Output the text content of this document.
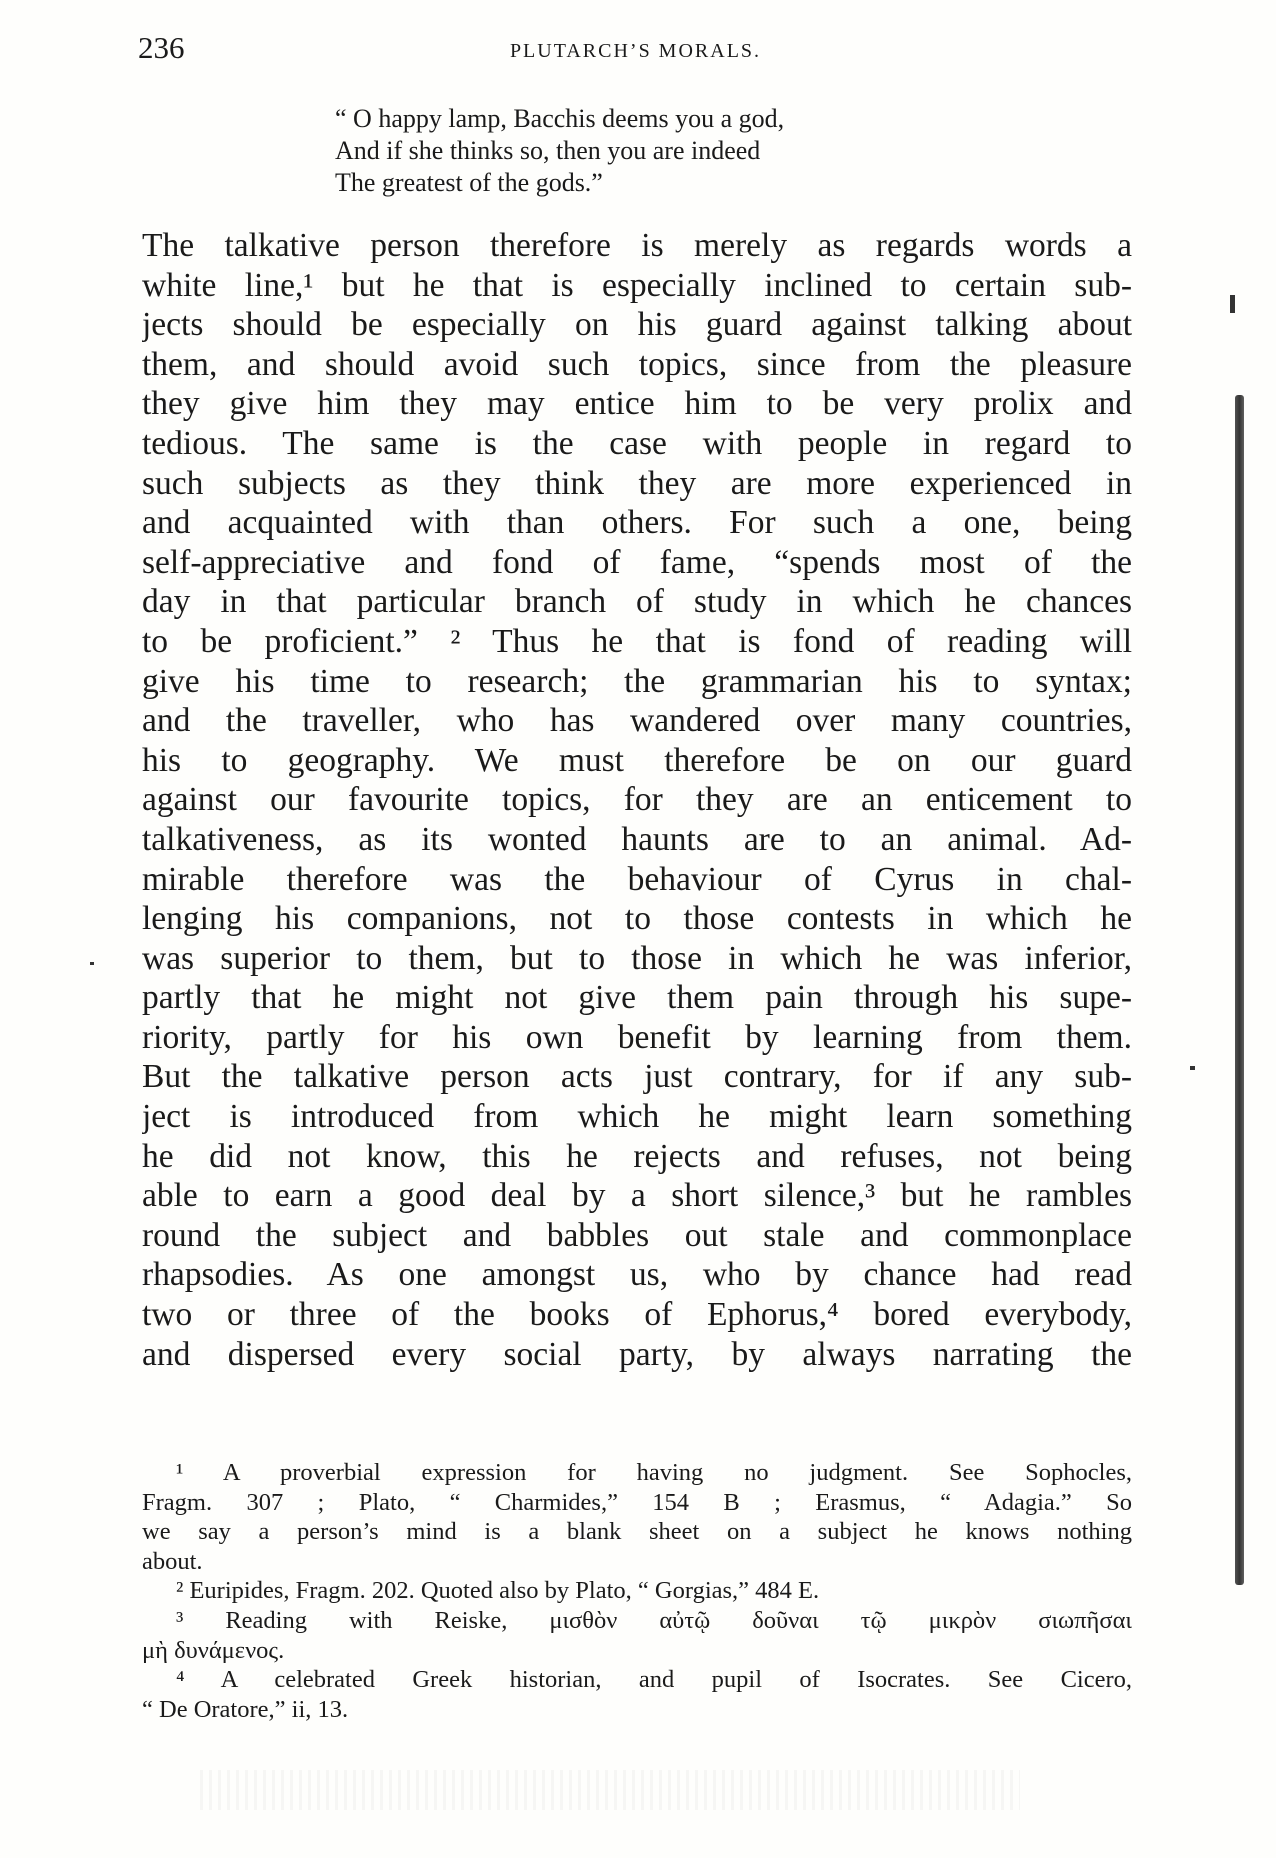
236	PLUTARCH’S MORALS.
“ O happy lamp, Bacchis deems you a god,
And if she thinks so, then you are indeed
The greatest of the gods.”
The talkative person therefore is merely as regards words a
white line,¹ but he that is especially inclined to certain sub-
jects should be especially on his guard against talking about
them, and should avoid such topics, since from the pleasure
they give him they may entice him to be very prolix and
tedious. The same is the case with people in regard to
such subjects as they think they are more experienced in
and acquainted with than others. For such a one, being
self-appreciative and fond of fame, “spends most of the
day in that particular branch of study in which he chances
to be proficient.” ² Thus he that is fond of reading will
give his time to research; the grammarian his to syntax;
and the traveller, who has wandered over many countries,
his to geography. We must therefore be on our guard
against our favourite topics, for they are an enticement to
talkativeness, as its wonted haunts are to an animal. Ad-
mirable therefore was the behaviour of Cyrus in chal-
lenging his companions, not to those contests in which he
was superior to them, but to those in which he was inferior,
partly that he might not give them pain through his supe-
riority, partly for his own benefit by learning from them.
But the talkative person acts just contrary, for if any sub-
ject is introduced from which he might learn something
he did not know, this he rejects and refuses, not being
able to earn a good deal by a short silence,³ but he rambles
round the subject and babbles out stale and commonplace
rhapsodies. As one amongst us, who by chance had read
two or three of the books of Ephorus,⁴ bored everybody,
and dispersed every social party, by always narrating the
¹ A proverbial expression for having no judgment. See Sophocles,
Fragm. 307 ; Plato, “ Charmides,” 154 B ; Erasmus, “ Adagia.” So
we say a person’s mind is a blank sheet on a subject he knows nothing
about.
² Euripides, Fragm. 202. Quoted also by Plato, “ Gorgias,” 484 E.
³ Reading with Reiske, μισθὸν αὐτῷ δοῦναι τῷ μικρὸν σιωπῆσαι
μὴ δυνάμενος.
⁴ A celebrated Greek historian, and pupil of Isocrates. See Cicero,
“ De Oratore,” ii, 13.
